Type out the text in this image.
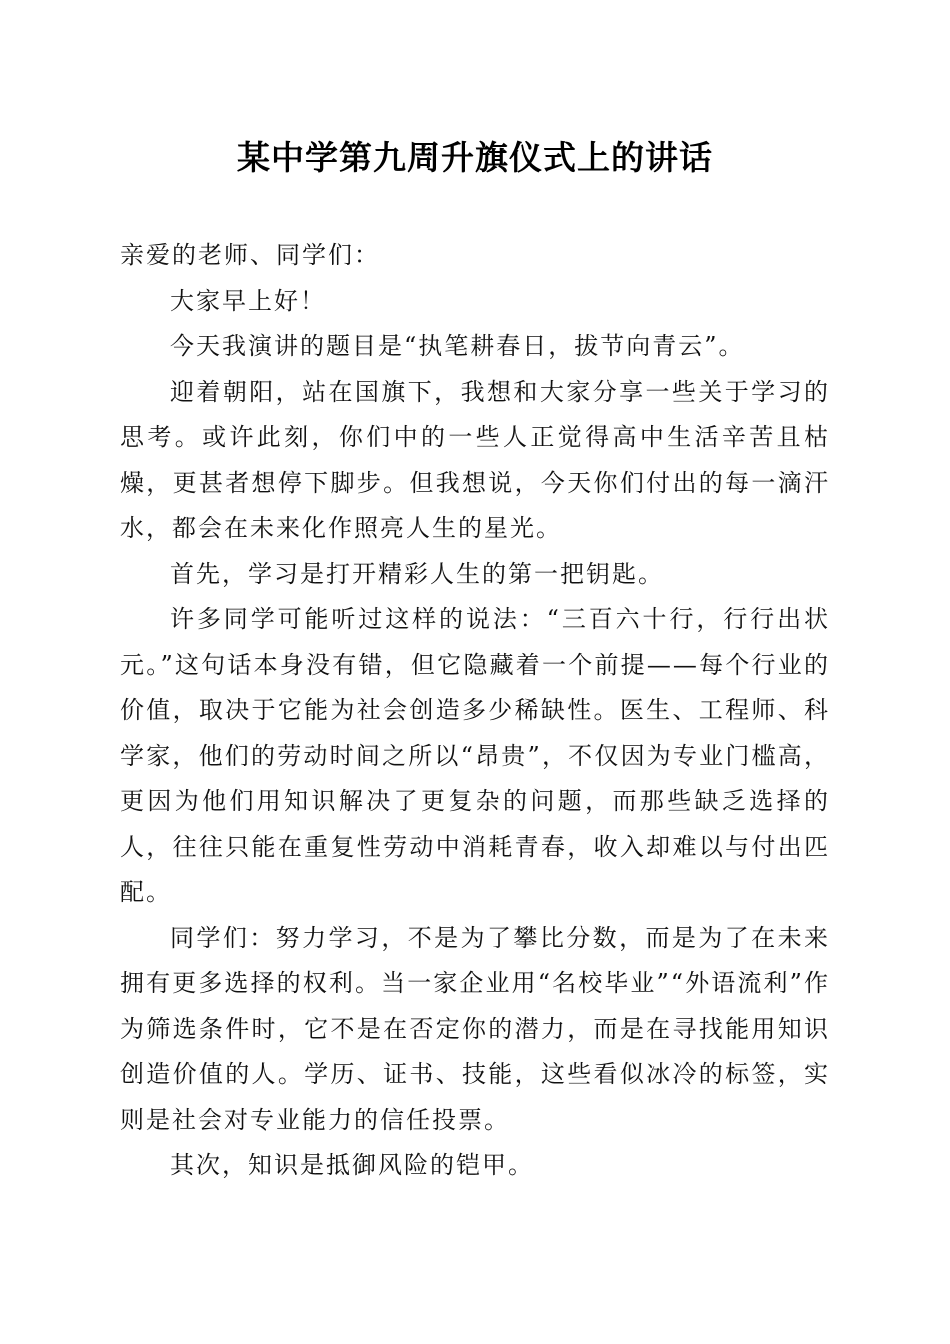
某中学第九周升旗仪式上的讲话

亲爱的老师、同学们：

大家早上好！

今天我演讲的题目是“执笔耕春日，拔节向青云”。

迎着朝阳，站在国旗下，我想和大家分享一些关于学习的思考。或许此刻，你们中的一些人正觉得高中生活辛苦且枯燥，更甚者想停下脚步。但我想说，今天你们付出的每一滴汗水，都会在未来化作照亮人生的星光。

首先，学习是打开精彩人生的第一把钥匙。

许多同学可能听过这样的说法：“三百六十行，行行出状元。”这句话本身没有错，但它隐藏着一个前提——每个行业的价值，取决于它能为社会创造多少稀缺性。医生、工程师、科学家，他们的劳动时间之所以“昂贵”，不仅因为专业门槛高，更因为他们用知识解决了更复杂的问题，而那些缺乏选择的人，往往只能在重复性劳动中消耗青春，收入却难以与付出匹配。

同学们：努力学习，不是为了攀比分数，而是为了在未来拥有更多选择的权利。当一家企业用“名校毕业”“外语流利”作为筛选条件时，它不是在否定你的潜力，而是在寻找能用知识创造价值的人。学历、证书、技能，这些看似冰冷的标签，实则是社会对专业能力的信任投票。

其次，知识是抵御风险的铠甲。
